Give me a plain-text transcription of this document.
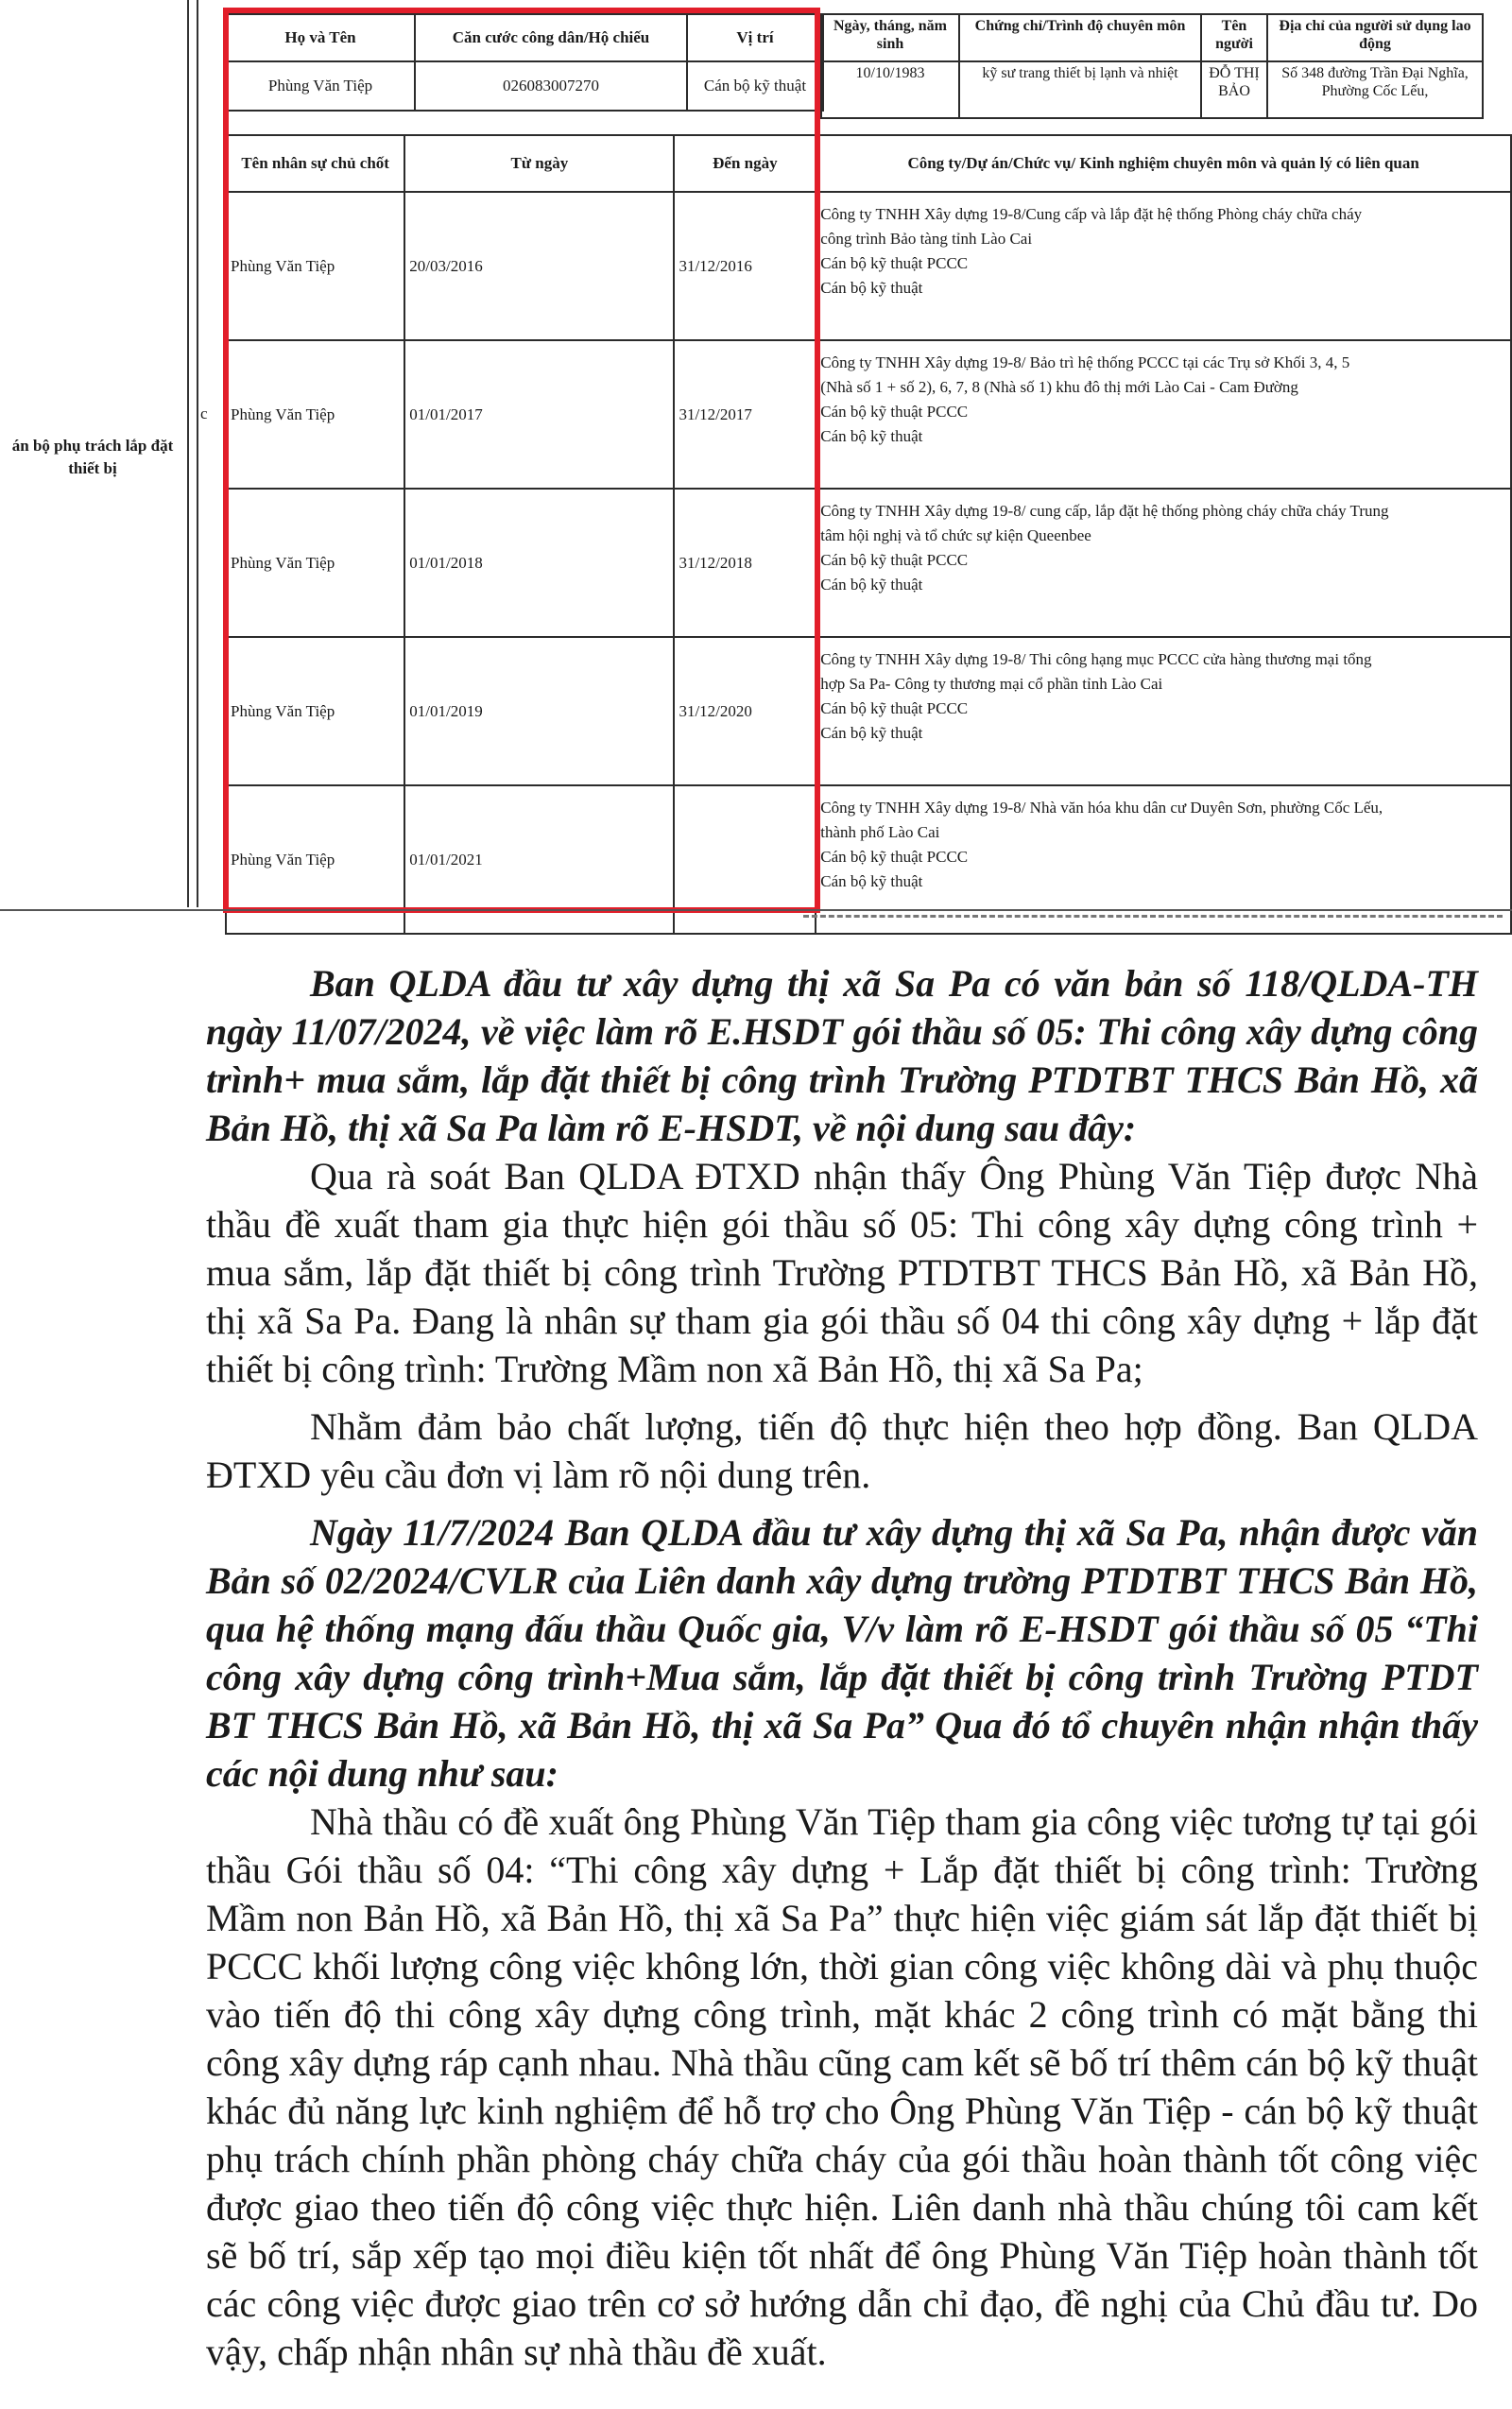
án bộ phụ trách lắp đặt thiết bị
c
Họ và Tên	Căn cước công dân/Hộ chiếu	Vị trí
Phùng Văn Tiệp	026083007270	Cán bộ kỹ thuật
Ngày, tháng, năm sinh	Chứng chỉ/Trình độ chuyên môn	Tên người	Địa chỉ của người sử dụng lao động
10/10/1983	kỹ sư trang thiết bị lạnh và nhiệt	ĐỖ THỊ BẢO	Số 348 đường Trần Đại Nghĩa, Phường Cốc Lếu,
Tên nhân sự chủ chốt	Từ ngày	Đến ngày	Công ty/Dự án/Chức vụ/ Kinh nghiệm chuyên môn và quản lý có liên quan
Phùng Văn Tiệp	20/03/2016	31/12/2016	Công ty TNHH Xây dựng 19-8/Cung cấp và lắp đặt hệ thống Phòng cháy chữa cháy
công trình Bảo tàng tỉnh Lào Cai
Cán bộ kỹ thuật PCCC
Cán bộ kỹ thuật

Phùng Văn Tiệp	01/01/2017	31/12/2017	Công ty TNHH Xây dựng 19-8/ Bảo trì hệ thống PCCC tại các Trụ sở Khối 3, 4, 5
(Nhà số 1 + số 2), 6, 7, 8 (Nhà số 1) khu đô thị mới Lào Cai - Cam Đường
Cán bộ kỹ thuật PCCC
Cán bộ kỹ thuật

Phùng Văn Tiệp	01/01/2018	31/12/2018	Công ty TNHH Xây dựng 19-8/ cung cấp, lắp đặt hệ thống phòng cháy chữa cháy Trung
tâm hội nghị và tổ chức sự kiện Queenbee
Cán bộ kỹ thuật PCCC
Cán bộ kỹ thuật

Phùng Văn Tiệp	01/01/2019	31/12/2020	Công ty TNHH Xây dựng 19-8/ Thi công hạng mục PCCC cửa hàng thương mại tổng
hợp Sa Pa- Công ty thương mại cổ phần tỉnh Lào Cai
Cán bộ kỹ thuật PCCC
Cán bộ kỹ thuật

Phùng Văn Tiệp	01/01/2021		Công ty TNHH Xây dựng 19-8/ Nhà văn hóa khu dân cư Duyên Sơn, phường Cốc Lếu,
thành phố Lào Cai
Cán bộ kỹ thuật PCCC
Cán bộ kỹ thuật

Ban QLDA đầu tư xây dựng thị xã Sa Pa có văn bản số 118/QLDA-TH ngày 11/07/2024, về việc làm rõ E.HSDT gói thầu số 05: Thi công xây dựng công trình+ mua sắm, lắp đặt thiết bị công trình Trường PTDTBT THCS Bản Hồ, xã Bản Hồ, thị xã Sa Pa làm rõ E-HSDT, về nội dung sau đây:

Qua rà soát Ban QLDA ĐTXD nhận thấy Ông Phùng Văn Tiệp được Nhà thầu đề xuất tham gia thực hiện gói thầu số 05: Thi công xây dựng công trình + mua sắm, lắp đặt thiết bị công trình Trường PTDTBT THCS Bản Hồ, xã Bản Hồ, thị xã Sa Pa. Đang là nhân sự tham gia gói thầu số 04 thi công xây dựng + lắp đặt thiết bị công trình: Trường Mầm non xã Bản Hồ, thị xã Sa Pa;

Nhằm đảm bảo chất lượng, tiến độ thực hiện theo hợp đồng. Ban QLDA ĐTXD yêu cầu đơn vị làm rõ nội dung trên.

Ngày 11/7/2024 Ban QLDA đầu tư xây dựng thị xã Sa Pa, nhận được văn Bản số 02/2024/CVLR của Liên danh xây dựng trường PTDTBT THCS Bản Hồ, qua hệ thống mạng đấu thầu Quốc gia, V/v làm rõ E-HSDT gói thầu số 05 “Thi công xây dựng công trình+Mua sắm, lắp đặt thiết bị công trình Trường PTDT BT THCS Bản Hồ, xã Bản Hồ, thị xã Sa Pa” Qua đó tổ chuyên nhận nhận thấy các nội dung như sau:

Nhà thầu có đề xuất ông Phùng Văn Tiệp tham gia công việc tương tự tại gói thầu Gói thầu số 04: “Thi công xây dựng + Lắp đặt thiết bị công trình: Trường Mầm non Bản Hồ, xã Bản Hồ, thị xã Sa Pa” thực hiện việc giám sát lắp đặt thiết bị PCCC khối lượng công việc không lớn, thời gian công việc không dài và phụ thuộc vào tiến độ thi công xây dựng công trình, mặt khác 2 công trình có mặt bằng thi công xây dựng ráp cạnh nhau. Nhà thầu cũng cam kết sẽ bố trí thêm cán bộ kỹ thuật khác đủ năng lực kinh nghiệm để hỗ trợ cho Ông Phùng Văn Tiệp - cán bộ kỹ thuật phụ trách chính phần phòng cháy chữa cháy của gói thầu hoàn thành tốt công việc được giao theo tiến độ công việc thực hiện. Liên danh nhà thầu chúng tôi cam kết sẽ bố trí, sắp xếp tạo mọi điều kiện tốt nhất để ông Phùng Văn Tiệp hoàn thành tốt các công việc được giao trên cơ sở hướng dẫn chỉ đạo, đề nghị của Chủ đầu tư. Do vậy, chấp nhận nhân sự nhà thầu đề xuất.
